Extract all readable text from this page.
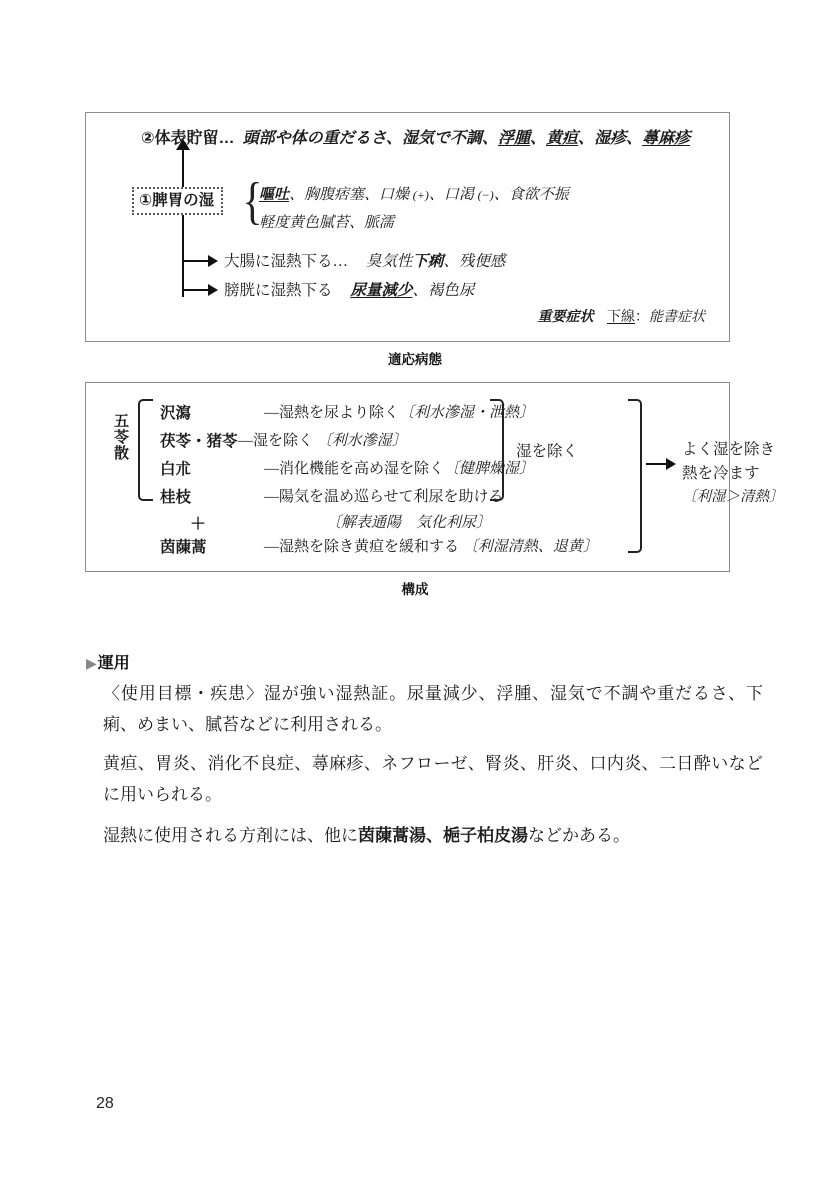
②体表貯留… 頭部や体の重だるさ、湿気で不調、浮腫、黄疸、湿疹、蕁麻疹
①脾胃の湿 {
嘔吐、胸腹痞塞、口燥 (+)、口渇 (−)、食欲不振
軽度黄色膩苔、脈濡
大腸に湿熱下る… 臭気性下痢、残便感
膀胱に湿熱下る 尿量減少、褐色尿
重要症状 下線：能書症状
適応病態
五苓散 沢瀉	―湿熱を尿より除く〔利水滲湿・泄熱〕
茯苓・猪苓 ―湿を除く 〔利水滲湿〕
白朮	―消化機能を高め湿を除く〔健脾燥湿〕
桂枝	―陽気を温め巡らせて利尿を助ける
＋	〔解表通陽　気化利尿〕
茵蔯蒿	―湿熱を除き黄疸を緩和する 〔利湿清熱、退黄〕
湿を除く	よく湿を除き
熱を冷ます
〔利湿＞清熱〕
構成
▶運用
〈使用目標・疾患〉湿が強い湿熱証。尿量減少、浮腫、湿気で不調や重だるさ、下痢、めまい、膩苔などに利用される。
黄疸、胃炎、消化不良症、蕁麻疹、ネフローゼ、腎炎、肝炎、口内炎、二日酔いなどに用いられる。
湿熱に使用される方剤には、他に茵蔯蒿湯、梔子柏皮湯などかある。
28
